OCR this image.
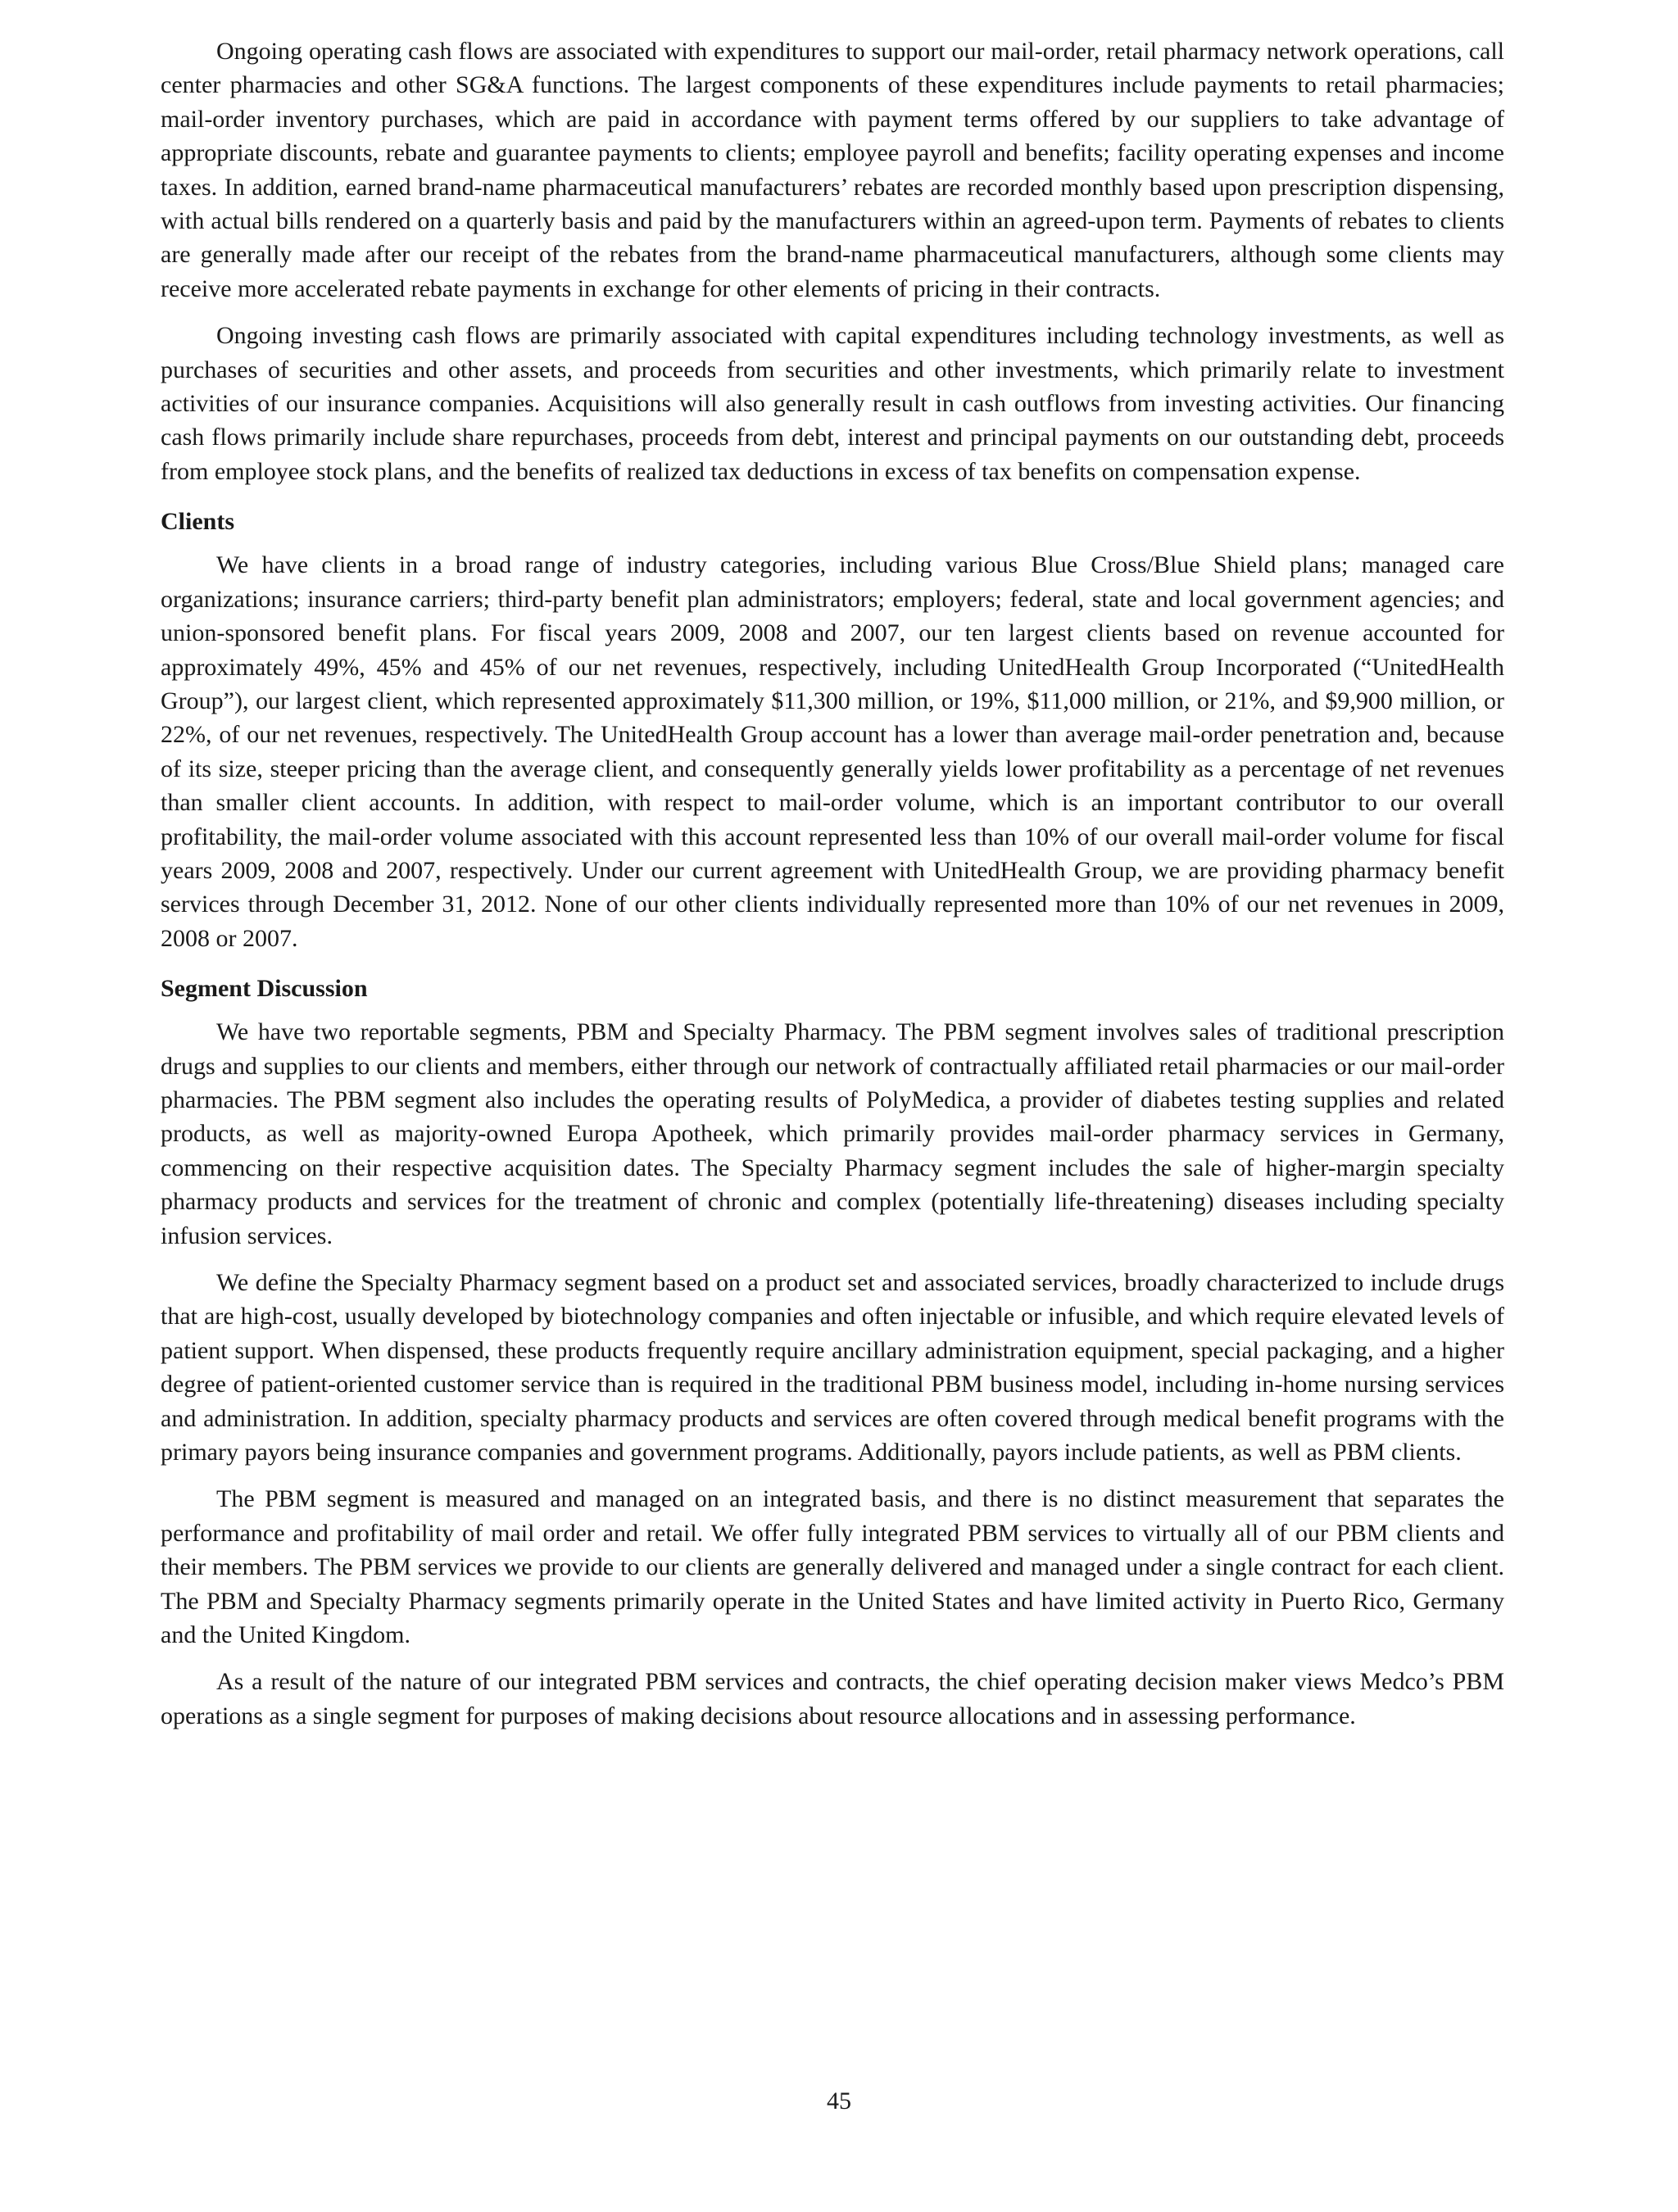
Ongoing operating cash flows are associated with expenditures to support our mail-order, retail pharmacy network operations, call center pharmacies and other SG&A functions. The largest components of these expenditures include payments to retail pharmacies; mail-order inventory purchases, which are paid in accordance with payment terms offered by our suppliers to take advantage of appropriate discounts, rebate and guarantee payments to clients; employee payroll and benefits; facility operating expenses and income taxes. In addition, earned brand-name pharmaceutical manufacturers’ rebates are recorded monthly based upon prescription dispensing, with actual bills rendered on a quarterly basis and paid by the manufacturers within an agreed-upon term. Payments of rebates to clients are generally made after our receipt of the rebates from the brand-name pharmaceutical manufacturers, although some clients may receive more accelerated rebate payments in exchange for other elements of pricing in their contracts.

Ongoing investing cash flows are primarily associated with capital expenditures including technology investments, as well as purchases of securities and other assets, and proceeds from securities and other investments, which primarily relate to investment activities of our insurance companies. Acquisitions will also generally result in cash outflows from investing activities. Our financing cash flows primarily include share repurchases, proceeds from debt, interest and principal payments on our outstanding debt, proceeds from employee stock plans, and the benefits of realized tax deductions in excess of tax benefits on compensation expense.

Clients

We have clients in a broad range of industry categories, including various Blue Cross/Blue Shield plans; managed care organizations; insurance carriers; third-party benefit plan administrators; employers; federal, state and local government agencies; and union-sponsored benefit plans. For fiscal years 2009, 2008 and 2007, our ten largest clients based on revenue accounted for approximately 49%, 45% and 45% of our net revenues, respectively, including UnitedHealth Group Incorporated (“UnitedHealth Group”), our largest client, which represented approximately $11,300 million, or 19%, $11,000 million, or 21%, and $9,900 million, or 22%, of our net revenues, respectively. The UnitedHealth Group account has a lower than average mail-order penetration and, because of its size, steeper pricing than the average client, and consequently generally yields lower profitability as a percentage of net revenues than smaller client accounts. In addition, with respect to mail-order volume, which is an important contributor to our overall profitability, the mail-order volume associated with this account represented less than 10% of our overall mail-order volume for fiscal years 2009, 2008 and 2007, respectively. Under our current agreement with UnitedHealth Group, we are providing pharmacy benefit services through December 31, 2012. None of our other clients individually represented more than 10% of our net revenues in 2009, 2008 or 2007.

Segment Discussion

We have two reportable segments, PBM and Specialty Pharmacy. The PBM segment involves sales of traditional prescription drugs and supplies to our clients and members, either through our network of contractually affiliated retail pharmacies or our mail-order pharmacies. The PBM segment also includes the operating results of PolyMedica, a provider of diabetes testing supplies and related products, as well as majority-owned Europa Apotheek, which primarily provides mail-order pharmacy services in Germany, commencing on their respective acquisition dates. The Specialty Pharmacy segment includes the sale of higher-margin specialty pharmacy products and services for the treatment of chronic and complex (potentially life-threatening) diseases including specialty infusion services.

We define the Specialty Pharmacy segment based on a product set and associated services, broadly characterized to include drugs that are high-cost, usually developed by biotechnology companies and often injectable or infusible, and which require elevated levels of patient support. When dispensed, these products frequently require ancillary administration equipment, special packaging, and a higher degree of patient-oriented customer service than is required in the traditional PBM business model, including in-home nursing services and administration. In addition, specialty pharmacy products and services are often covered through medical benefit programs with the primary payors being insurance companies and government programs. Additionally, payors include patients, as well as PBM clients.

The PBM segment is measured and managed on an integrated basis, and there is no distinct measurement that separates the performance and profitability of mail order and retail. We offer fully integrated PBM services to virtually all of our PBM clients and their members. The PBM services we provide to our clients are generally delivered and managed under a single contract for each client. The PBM and Specialty Pharmacy segments primarily operate in the United States and have limited activity in Puerto Rico, Germany and the United Kingdom.

As a result of the nature of our integrated PBM services and contracts, the chief operating decision maker views Medco’s PBM operations as a single segment for purposes of making decisions about resource allocations and in assessing performance.

45
